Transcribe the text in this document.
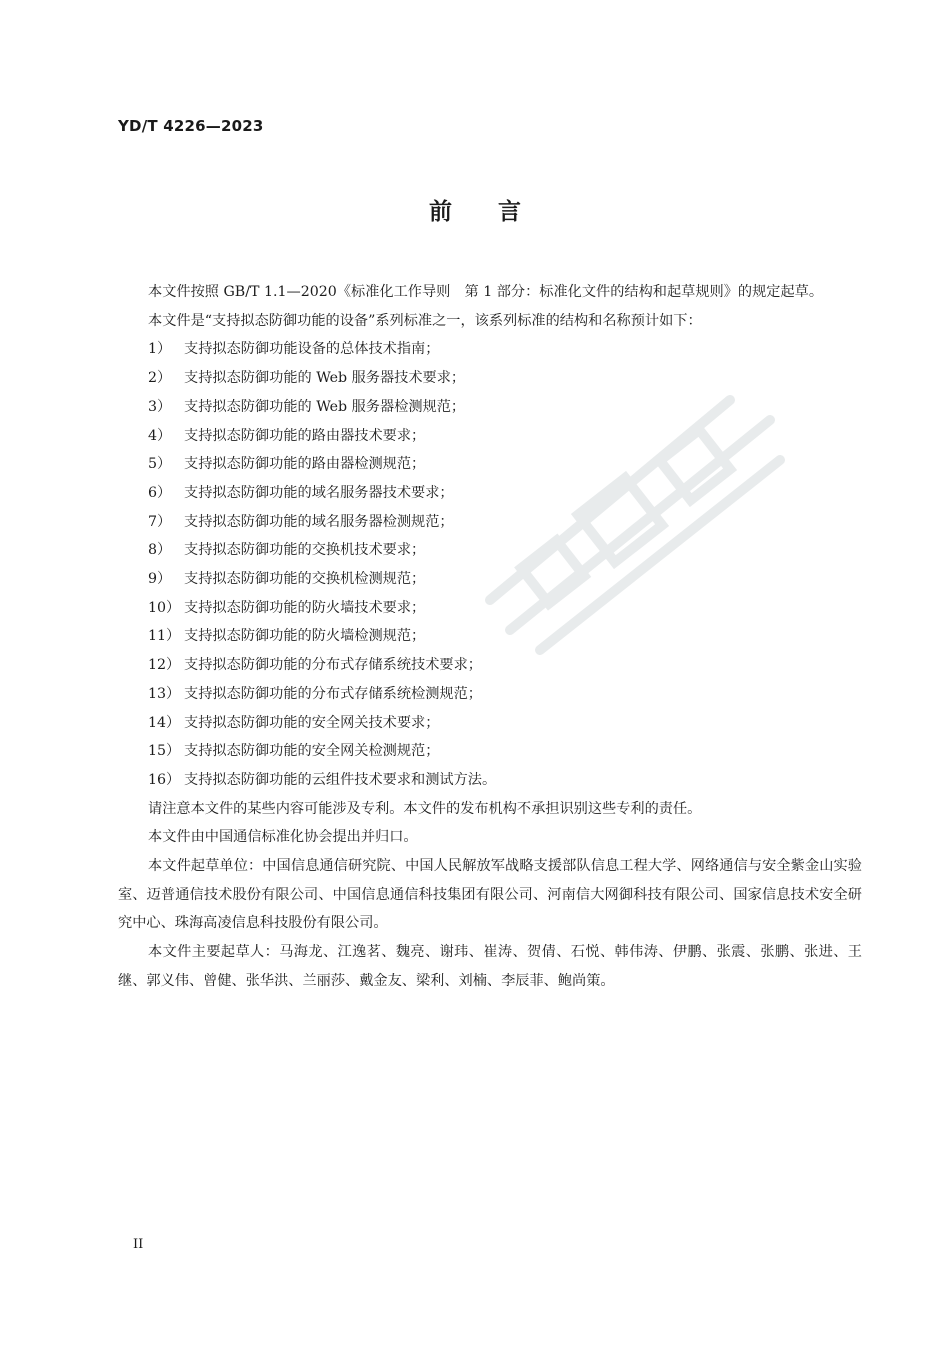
YD/T 4226—2023
前言

本文件按照 GB/T 1.1—2020《标准化工作导则　第 1 部分：标准化文件的结构和起草规则》的规定起草。

本文件是“支持拟态防御功能的设备”系列标准之一，该系列标准的结构和名称预计如下：

1） 支持拟态防御功能设备的总体技术指南；
2） 支持拟态防御功能的 Web 服务器技术要求；
3） 支持拟态防御功能的 Web 服务器检测规范；
4） 支持拟态防御功能的路由器技术要求；
5） 支持拟态防御功能的路由器检测规范；
6） 支持拟态防御功能的域名服务器技术要求；
7） 支持拟态防御功能的域名服务器检测规范；
8） 支持拟态防御功能的交换机技术要求；
9） 支持拟态防御功能的交换机检测规范；
10） 支持拟态防御功能的防火墙技术要求；
11） 支持拟态防御功能的防火墙检测规范；
12） 支持拟态防御功能的分布式存储系统技术要求；
13） 支持拟态防御功能的分布式存储系统检测规范；
14） 支持拟态防御功能的安全网关技术要求；
15） 支持拟态防御功能的安全网关检测规范；
16） 支持拟态防御功能的云组件技术要求和测试方法。

请注意本文件的某些内容可能涉及专利。本文件的发布机构不承担识别这些专利的责任。

本文件由中国通信标准化协会提出并归口。

本文件起草单位：中国信息通信研究院、中国人民解放军战略支援部队信息工程大学、网络通信与安全紫金山实验室、迈普通信技术股份有限公司、中国信息通信科技集团有限公司、河南信大网御科技有限公司、国家信息技术安全研究中心、珠海高凌信息科技股份有限公司。

本文件主要起草人：马海龙、江逸茗、魏亮、谢玮、崔涛、贺倩、石悦、韩伟涛、伊鹏、张震、张鹏、张进、王继、郭义伟、曾健、张华洪、兰丽莎、戴金友、梁利、刘楠、李辰菲、鲍尚策。

II
